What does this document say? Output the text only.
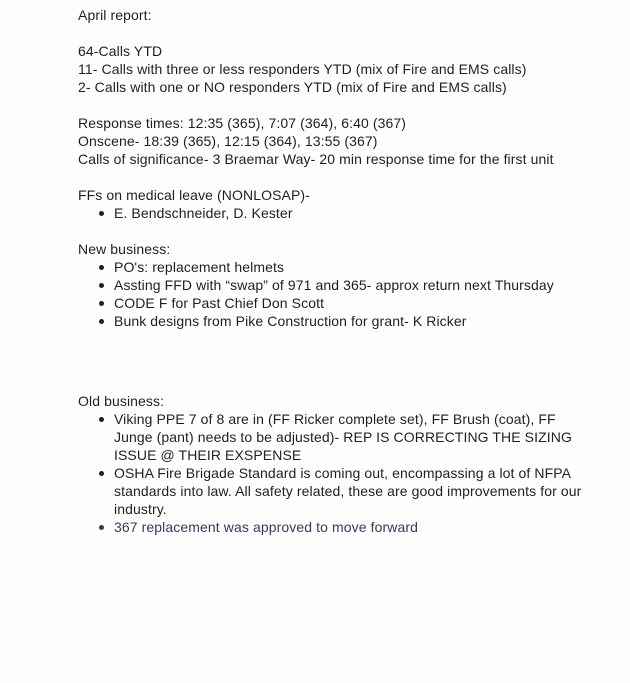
April report:
64-Calls YTD
11- Calls with three or less responders YTD (mix of Fire and EMS calls)
2- Calls with one or NO responders YTD (mix of Fire and EMS calls)
Response times: 12:35 (365), 7:07 (364), 6:40 (367)
Onscene- 18:39 (365), 12:15 (364), 13:55 (367)
Calls of significance- 3 Braemar Way- 20 min response time for the first unit
FFs on medical leave (NONLOSAP)-
E. Bendschneider, D. Kester
New business:
PO's: replacement helmets
Assting FFD with “swap” of 971 and 365- approx return next Thursday
CODE F for Past Chief Don Scott
Bunk designs from Pike Construction for grant- K Ricker
Old business:
Viking PPE 7 of 8 are in (FF Ricker complete set), FF Brush (coat), FF
Junge (pant) needs to be adjusted)- REP IS CORRECTING THE SIZING
ISSUE @ THEIR EXSPENSE
OSHA Fire Brigade Standard is coming out, encompassing a lot of NFPA
standards into law. All safety related, these are good improvements for our
industry.
367 replacement was approved to move forward
